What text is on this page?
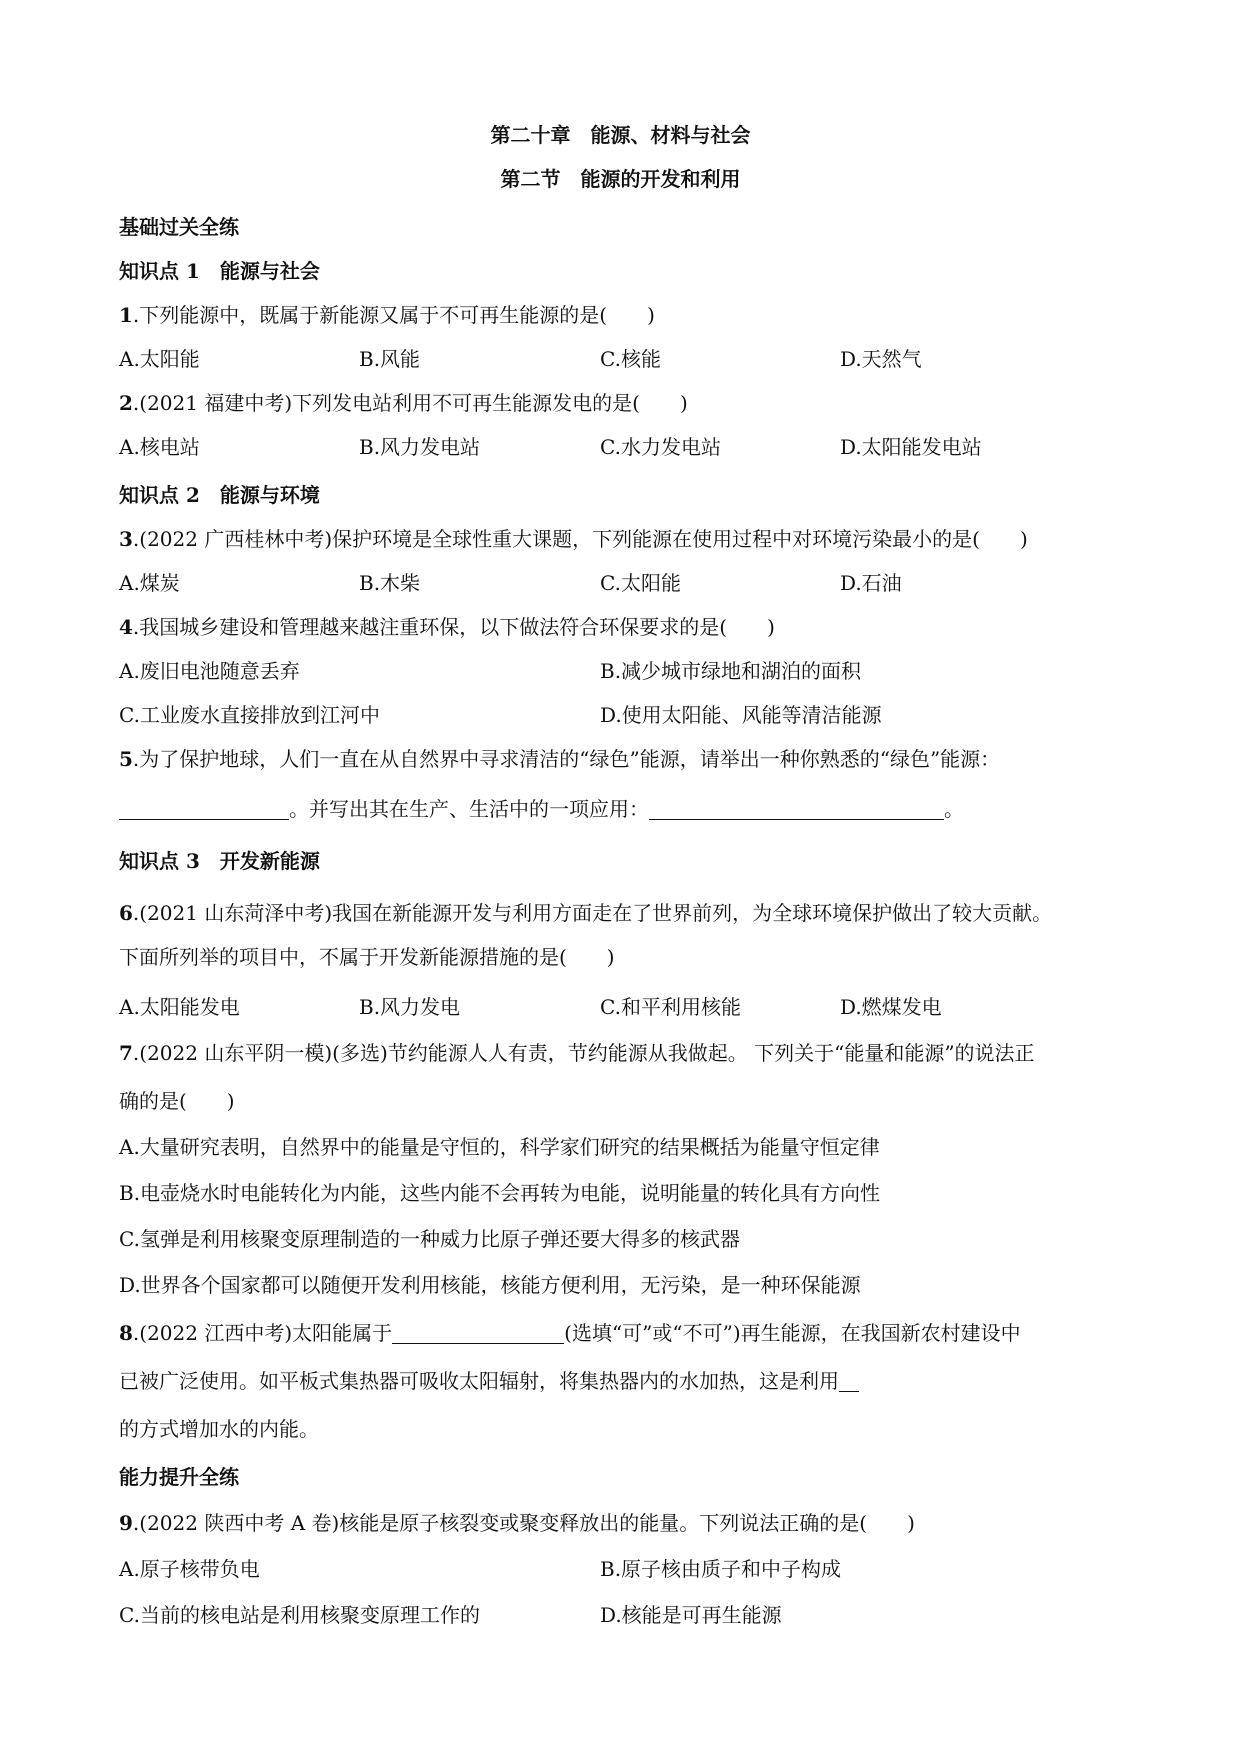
第二十章　能源、材料与社会
第二节　能源的开发和利用
基础过关全练
知识点 1　能源与社会
1.下列能源中，既属于新能源又属于不可再生能源的是(　　)
A.太阳能	B.风能	C.核能	D.天然气
2.(2021 福建中考)下列发电站利用不可再生能源发电的是(　　)
A.核电站	B.风力发电站	C.水力发电站	D.太阳能发电站
知识点 2　能源与环境
3.(2022 广西桂林中考)保护环境是全球性重大课题，下列能源在使用过程中对环境污染最小的是(　　)
A.煤炭	B.木柴	C.太阳能	D.石油
4.我国城乡建设和管理越来越注重环保，以下做法符合环保要求的是(　　)
A.废旧电池随意丢弃	B.减少城市绿地和湖泊的面积
C.工业废水直接排放到江河中	D.使用太阳能、风能等清洁能源
5.为了保护地球，人们一直在从自然界中寻求清洁的“绿色”能源，请举出一种你熟悉的“绿色”能源：
。并写出其在生产、生活中的一项应用：	。
知识点 3　开发新能源
6.(2021 山东菏泽中考)我国在新能源开发与利用方面走在了世界前列，为全球环境保护做出了较大贡献。
下面所列举的项目中，不属于开发新能源措施的是(　　)
A.太阳能发电	B.风力发电	C.和平利用核能	D.燃煤发电
7.(2022 山东平阴一模)(多选)节约能源人人有责，节约能源从我做起。 下列关于“能量和能源”的说法正
确的是(　　)
A.大量研究表明，自然界中的能量是守恒的，科学家们研究的结果概括为能量守恒定律
B.电壶烧水时电能转化为内能，这些内能不会再转为电能，说明能量的转化具有方向性
C.氢弹是利用核聚变原理制造的一种威力比原子弹还要大得多的核武器
D.世界各个国家都可以随便开发利用核能，核能方便利用，无污染，是一种环保能源
8.(2022 江西中考)太阳能属于	(选填“可”或“不可”)再生能源，在我国新农村建设中
已被广泛使用。如平板式集热器可吸收太阳辐射，将集热器内的水加热，这是利用
的方式增加水的内能。
能力提升全练
9.(2022 陕西中考 A 卷)核能是原子核裂变或聚变释放出的能量。下列说法正确的是(　　)
A.原子核带负电	B.原子核由质子和中子构成
C.当前的核电站是利用核聚变原理工作的	D.核能是可再生能源
